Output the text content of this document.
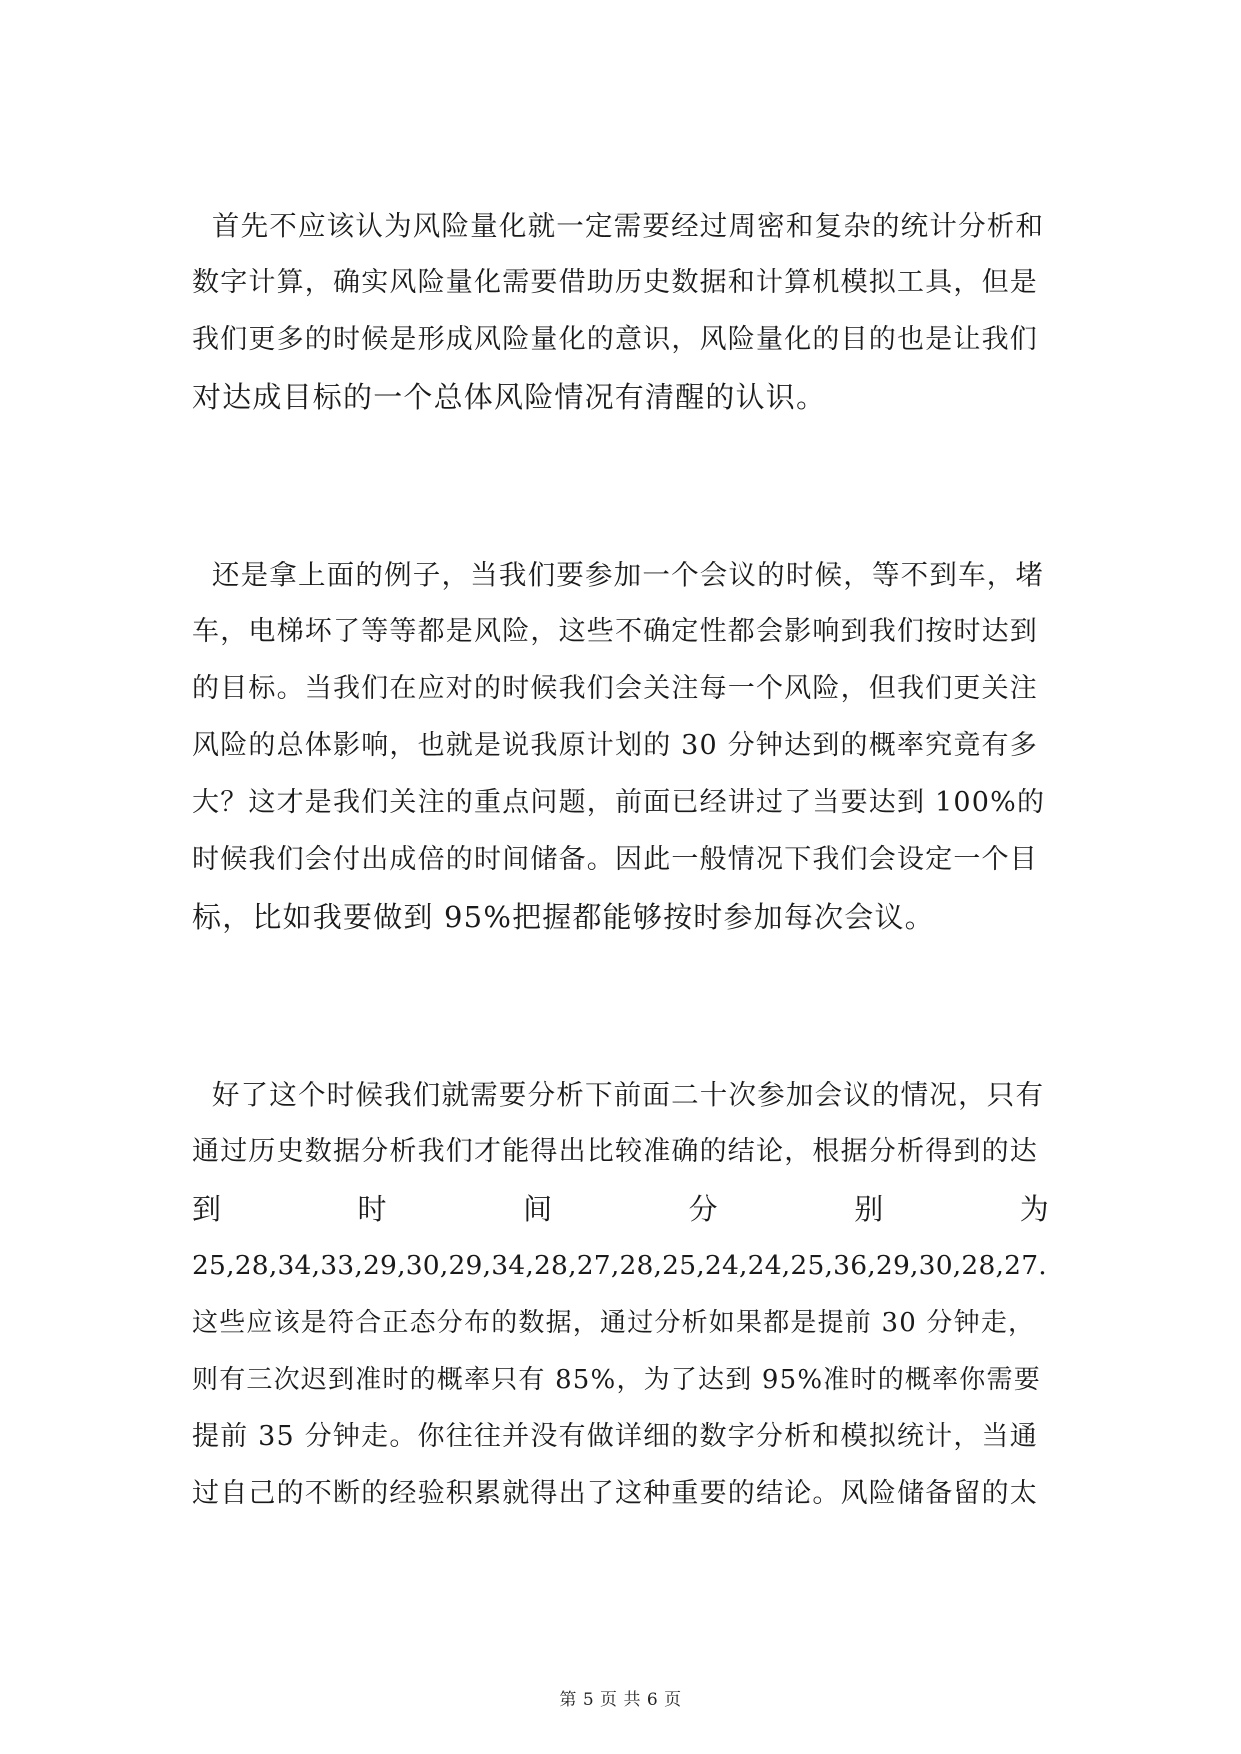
首先不应该认为风险量化就一定需要经过周密和复杂的统计分析和
数字计算，确实风险量化需要借助历史数据和计算机模拟工具，但是
我们更多的时候是形成风险量化的意识，风险量化的目的也是让我们
对达成目标的一个总体风险情况有清醒的认识。
还是拿上面的例子，当我们要参加一个会议的时候，等不到车，堵
车，电梯坏了等等都是风险，这些不确定性都会影响到我们按时达到
的目标。当我们在应对的时候我们会关注每一个风险，但我们更关注
风险的总体影响，也就是说我原计划的 30 分钟达到的概率究竟有多
大？这才是我们关注的重点问题，前面已经讲过了当要达到 100%的
时候我们会付出成倍的时间储备。因此一般情况下我们会设定一个目
标，比如我要做到 95%把握都能够按时参加每次会议。
好了这个时候我们就需要分析下前面二十次参加会议的情况，只有
通过历史数据分析我们才能得出比较准确的结论，根据分析得到的达
到	时	间	分	别	为
25,28,34,33,29,30,29,34,28,27,28,25,24,24,25,36,29,30,28,27.
这些应该是符合正态分布的数据，通过分析如果都是提前 30 分钟走，
则有三次迟到准时的概率只有 85%，为了达到 95%准时的概率你需要
提前 35 分钟走。你往往并没有做详细的数字分析和模拟统计，当通
过自己的不断的经验积累就得出了这种重要的结论。风险储备留的太
第 5 页 共 6 页
